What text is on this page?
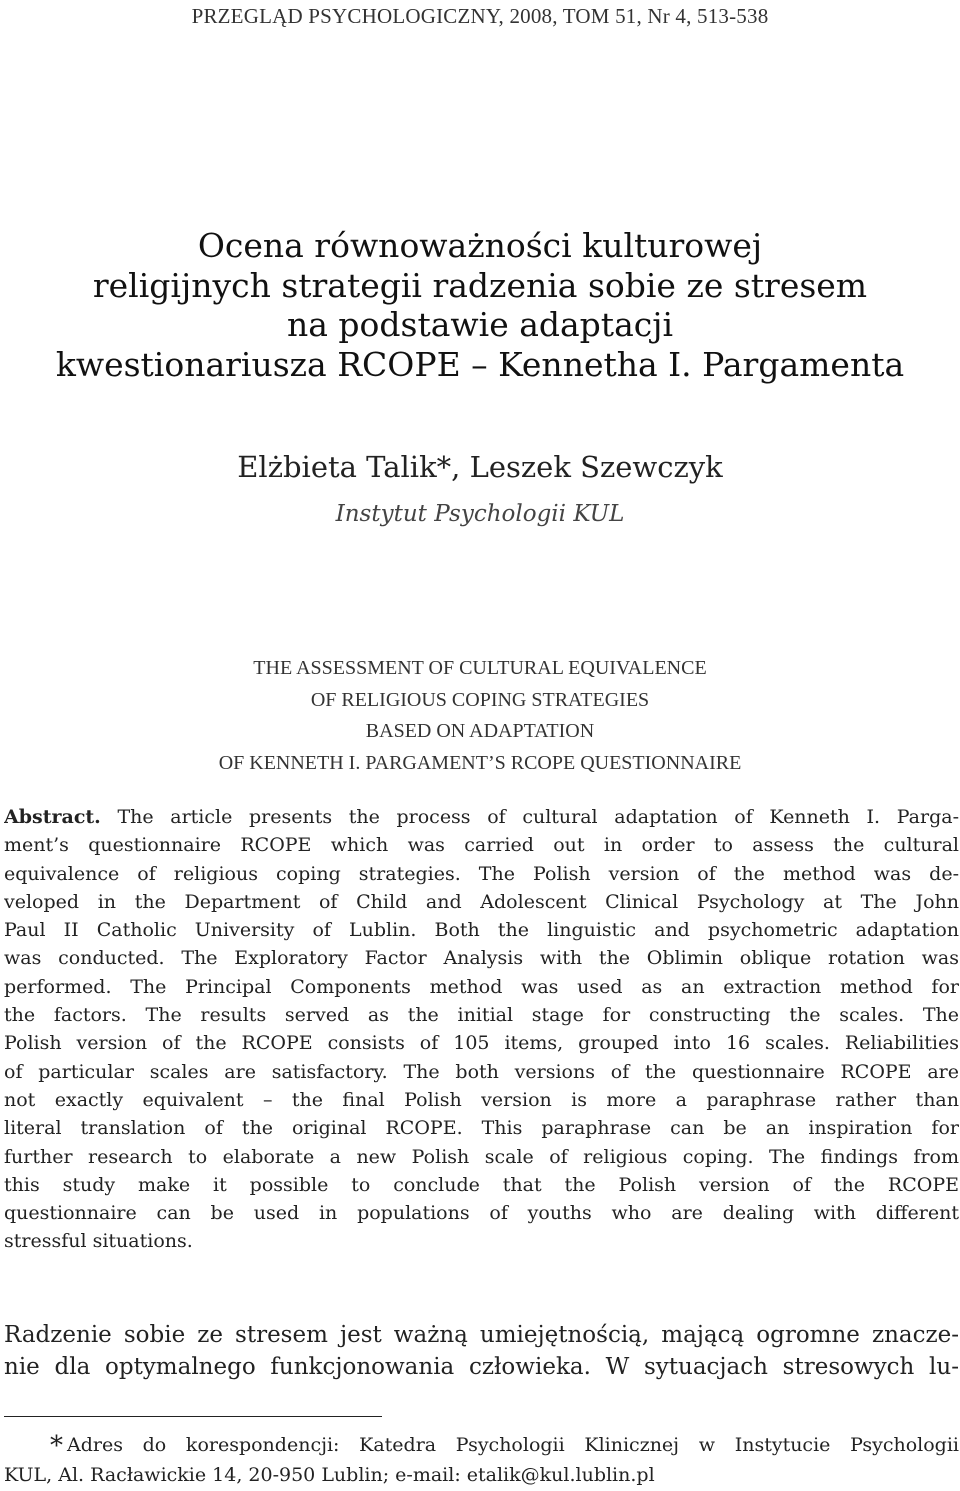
PRZEGLĄD PSYCHOLOGICZNY, 2008, TOM 51, Nr 4, 513-538
Ocena równoważności kulturowej
religijnych strategii radzenia sobie ze stresem
na podstawie adaptacji
kwestionariusza RCOPE – Kennetha I. Pargamenta
Elżbieta Talik*, Leszek Szewczyk
Instytut Psychologii KUL
THE ASSESSMENT OF CULTURAL EQUIVALENCE
OF RELIGIOUS COPING STRATEGIES
BASED ON ADAPTATION
OF KENNETH I. PARGAMENT’S RCOPE QUESTIONNAIRE
Abstract. The article presents the process of cultural adaptation of Kenneth I. Parga-
ment’s questionnaire RCOPE which was carried out in order to assess the cultural
equivalence of religious coping strategies. The Polish version of the method was de-
veloped in the Department of Child and Adolescent Clinical Psychology at The John
Paul II Catholic University of Lublin. Both the linguistic and psychometric adaptation
was conducted. The Exploratory Factor Analysis with the Oblimin oblique rotation was
performed. The Principal Components method was used as an extraction method for
the factors. The results served as the initial stage for constructing the scales. The
Polish version of the RCOPE consists of 105 items, grouped into 16 scales. Reliabilities
of particular scales are satisfactory. The both versions of the questionnaire RCOPE are
not exactly equivalent – the final Polish version is more a paraphrase rather than
literal translation of the original RCOPE. This paraphrase can be an inspiration for
further research to elaborate a new Polish scale of religious coping. The findings from
this study make it possible to conclude that the Polish version of the RCOPE
questionnaire can be used in populations of youths who are dealing with different
stressful situations.
Radzenie sobie ze stresem jest ważną umiejętnością, mającą ogromne znacze-
nie dla optymalnego funkcjonowania człowieka. W sytuacjach stresowych lu-
* Adres do korespondencji: Katedra Psychologii Klinicznej w Instytucie Psychologii
KUL, Al. Racławickie 14, 20-950 Lublin; e-mail: etalik@kul.lublin.pl
